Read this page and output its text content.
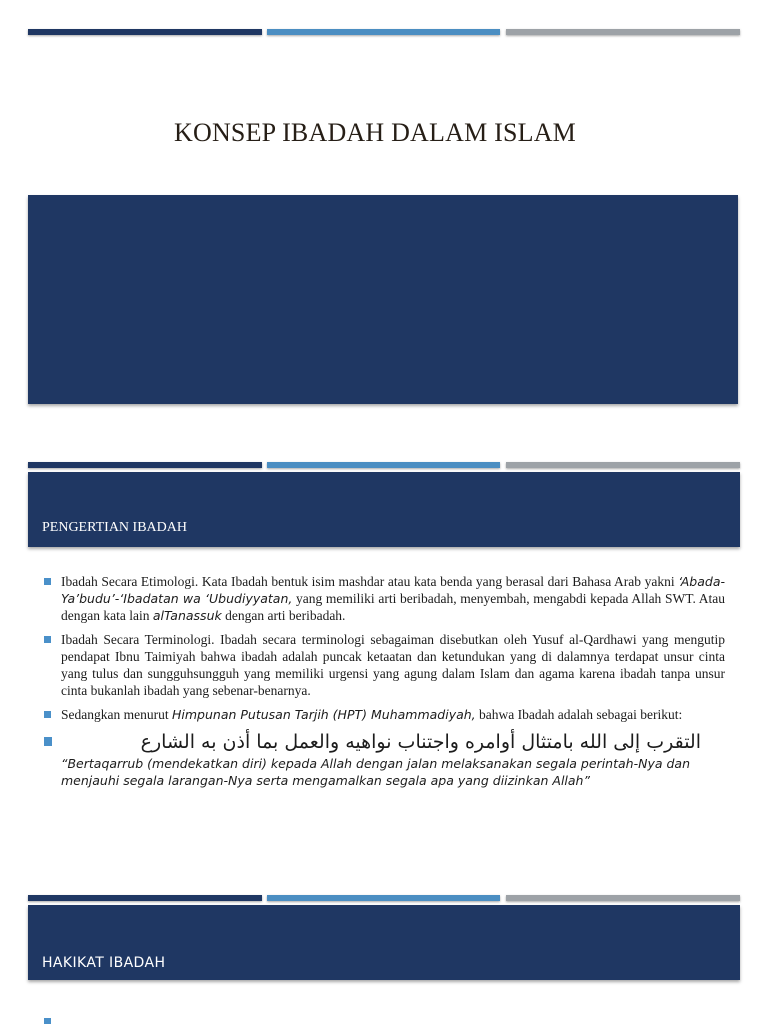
KONSEP IBADAH DALAM ISLAM
PENGERTIAN IBADAH
Ibadah Secara Etimologi. Kata Ibadah bentuk isim mashdar atau kata benda yang berasal dari Bahasa Arab yakni ‘Abada-Ya’budu’-‘Ibadatan wa ‘Ubudiyyatan, yang memiliki arti beribadah, menyembah, mengabdi kepada Allah SWT. Atau dengan kata lain alTanassuk dengan arti beribadah.
Ibadah Secara Terminologi. Ibadah secara terminologi sebagaiman disebutkan oleh Yusuf al-Qardhawi yang mengutip pendapat Ibnu Taimiyah bahwa ibadah adalah puncak ketaatan dan ketundukan yang di dalamnya terdapat unsur cinta yang tulus dan sungguhsungguh yang memiliki urgensi yang agung dalam Islam dan agama karena ibadah tanpa unsur cinta bukanlah ibadah yang sebenar-benarnya.
Sedangkan menurut Himpunan Putusan Tarjih (HPT) Muhammadiyah, bahwa Ibadah adalah sebagai berikut:
التقرب إلى الله بامتثال أوامره واجتناب نواهيه والعمل بما أذن به الشارع
“Bertaqarrub (mendekatkan diri) kepada Allah dengan jalan melaksanakan segala perintah-Nya dan menjauhi segala larangan-Nya serta mengamalkan segala apa yang diizinkan Allah”
HAKIKAT IBADAH
